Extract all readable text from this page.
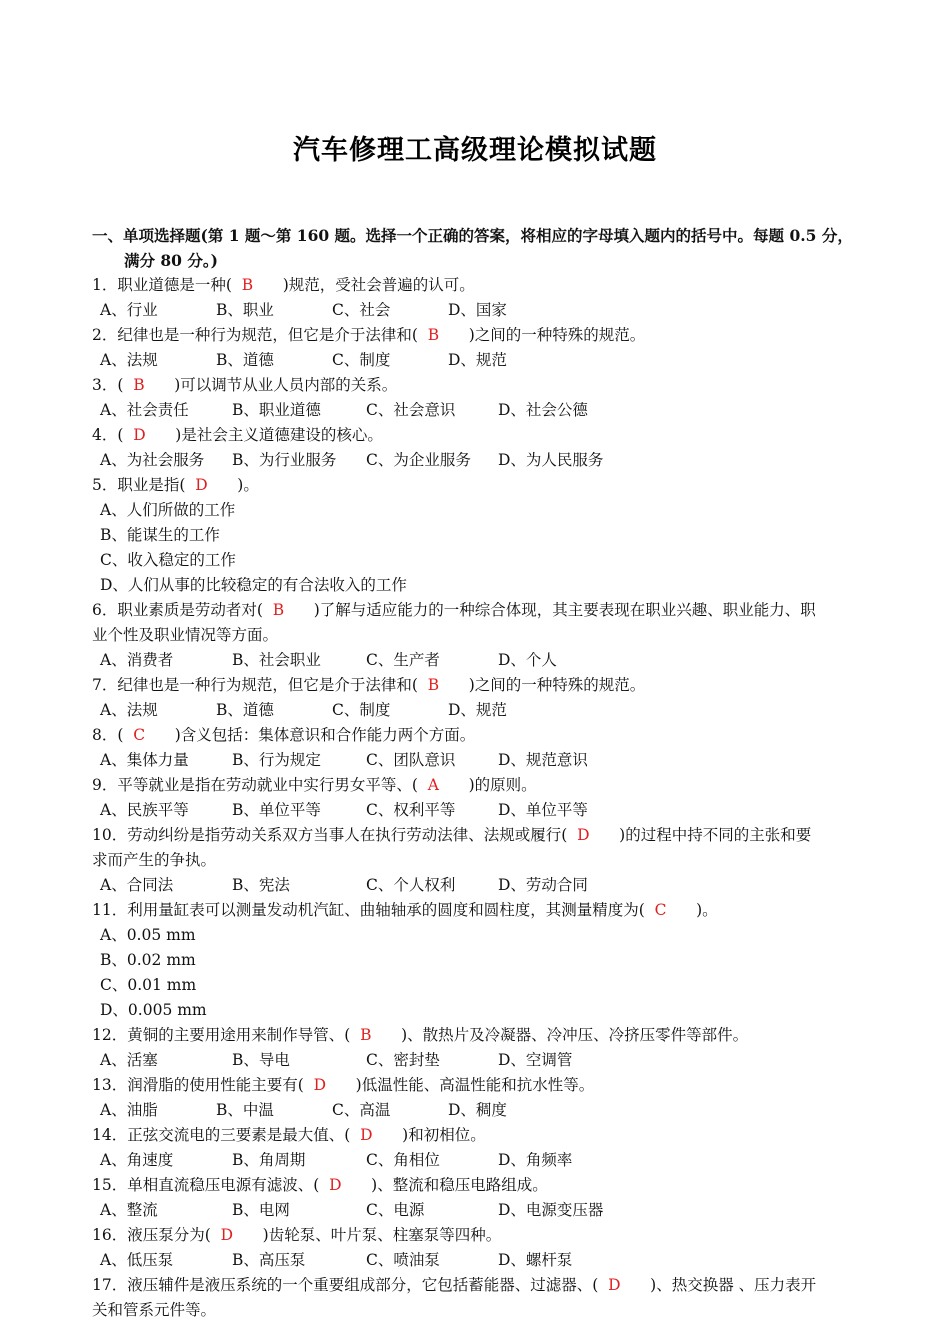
汽车修理工高级理论模拟试题
一、单项选择题(第 1 题～第 160 题。选择一个正确的答案，将相应的字母填入题内的括号中。每题 0.5 分，
满分 80 分。)
1．职业道德是一种(  B      )规范，受社会普遍的认可。
A、行业	B、职业	C、社会	D、国家
2．纪律也是一种行为规范，但它是介于法律和(  B      )之间的一种特殊的规范。
A、法规	B、道德	C、制度	D、规范
3．(  B      )可以调节从业人员内部的关系。
A、社会责任	B、职业道德	C、社会意识	D、社会公德
4．(  D      )是社会主义道德建设的核心。
A、为社会服务 B、为行业服务 C、为企业服务 D、为人民服务
5．职业是指(  D      )。
A、人们所做的工作
B、能谋生的工作
C、收入稳定的工作
D、人们从事的比较稳定的有合法收入的工作
6．职业素质是劳动者对(  B      )了解与适应能力的一种综合体现，其主要表现在职业兴趣、职业能力、职
业个性及职业情况等方面。
A、消费者	B、社会职业	C、生产者	D、个人
7．纪律也是一种行为规范，但它是介于法律和(  B      )之间的一种特殊的规范。
A、法规	B、道德	C、制度	D、规范
8．(  C      )含义包括：集体意识和合作能力两个方面。
A、集体力量	B、行为规定	C、团队意识	D、规范意识
9．平等就业是指在劳动就业中实行男女平等、(  A      )的原则。
A、民族平等	B、单位平等	C、权利平等	D、单位平等
10．劳动纠纷是指劳动关系双方当事人在执行劳动法律、法规或履行(  D      )的过程中持不同的主张和要
求而产生的争执。
A、合同法	B、宪法	C、个人权利	D、劳动合同
11．利用量缸表可以测量发动机汽缸、曲轴轴承的圆度和圆柱度，其测量精度为(  C      )。
A、0.05 mm
B、0.02 mm
C、0.01 mm
D、0.005 mm
12．黄铜的主要用途用来制作导管、(  B      )、散热片及冷凝器、冷冲压、冷挤压零件等部件。
A、活塞	B、导电	C、密封垫	D、空调管
13．润滑脂的使用性能主要有(  D      )低温性能、高温性能和抗水性等。
A、油脂	B、中温	C、高温	D、稠度
14．正弦交流电的三要素是最大值、(  D      )和初相位。
A、角速度	B、角周期	C、角相位	D、角频率
15．单相直流稳压电源有滤波、(  D      )、整流和稳压电路组成。
A、整流	B、电网	C、电源	D、电源变压器
16．液压泵分为(  D      )齿轮泵、叶片泵、柱塞泵等四种。
A、低压泵	B、高压泵	C、喷油泵	D、螺杆泵
17．液压辅件是液压系统的一个重要组成部分，它包括蓄能器、过滤器、(  D      )、热交换器 、压力表开
关和管系元件等。
